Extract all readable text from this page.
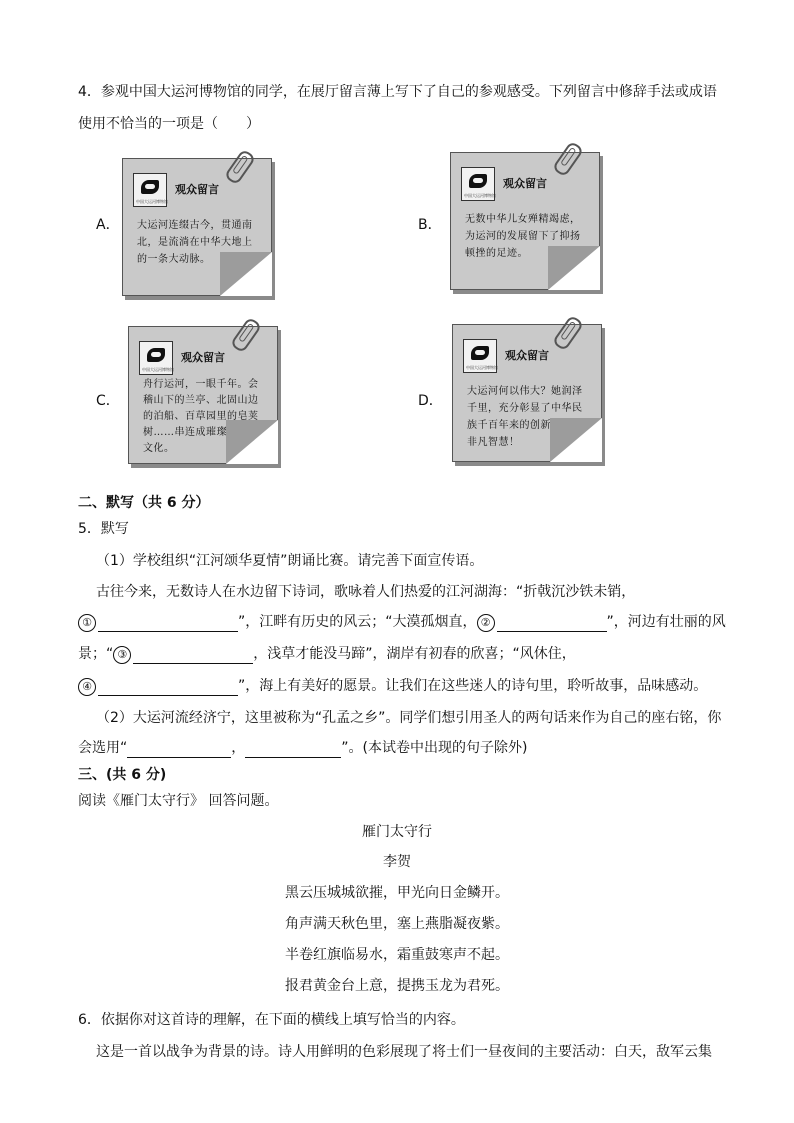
4．参观中国大运河博物馆的同学，在展厅留言薄上写下了自己的参观感受。下列留言中修辞手法或成语
使用不恰当的一项是（　　）
A．
中国大运河博物馆
观众留言
大运河连缀古今，贯通南北，是流淌在中华大地上的一条大动脉。
B．
中国大运河博物馆
观众留言
无数中华儿女殚精竭虑，为运河的发展留下了抑扬顿挫的足迹。
C．
中国大运河博物馆
观众留言
舟行运河，一眼千年。会稽山下的兰亭、北固山边的泊船、百草园里的皂荚树……串连成璀璨的运河文化。
D．
中国大运河博物馆
观众留言
大运河何以伟大？她润泽千里，充分彰显了中华民族千百年来的创新意识和非凡智慧！
二、默写（共 6 分）
5．默写
（1）学校组织“江河颂华夏情”朗诵比赛。请完善下面宣传语。
古往今来，无数诗人在水边留下诗词，歌咏着人们热爱的江河湖海：“折戟沉沙铁未销，
①	”，江畔有历史的风云；“大漠孤烟直， ②	”，河边有壮丽的风
景；“ ③	，浅草才能没马蹄”，湖岸有初春的欣喜；“风休住，
④	”，海上有美好的愿景。让我们在这些迷人的诗句里，聆听故事，品味感动。
（2）大运河流经济宁，这里被称为“孔孟之乡”。同学们想引用圣人的两句话来作为自己的座右铭，你
会选用“	，	”。(本试卷中出现的句子除外)
三、(共 6 分)
阅读《雁门太守行》 回答问题。
雁门太守行
李贺
黑云压城城欲摧，甲光向日金鳞开。
角声满天秋色里，塞上燕脂凝夜紫。
半卷红旗临易水，霜重鼓寒声不起。
报君黄金台上意，提携玉龙为君死。
6．依据你对这首诗的理解，在下面的横线上填写恰当的内容。
这是一首以战争为背景的诗。诗人用鲜明的色彩展现了将士们一昼夜间的主要活动：白天，敌军云集
